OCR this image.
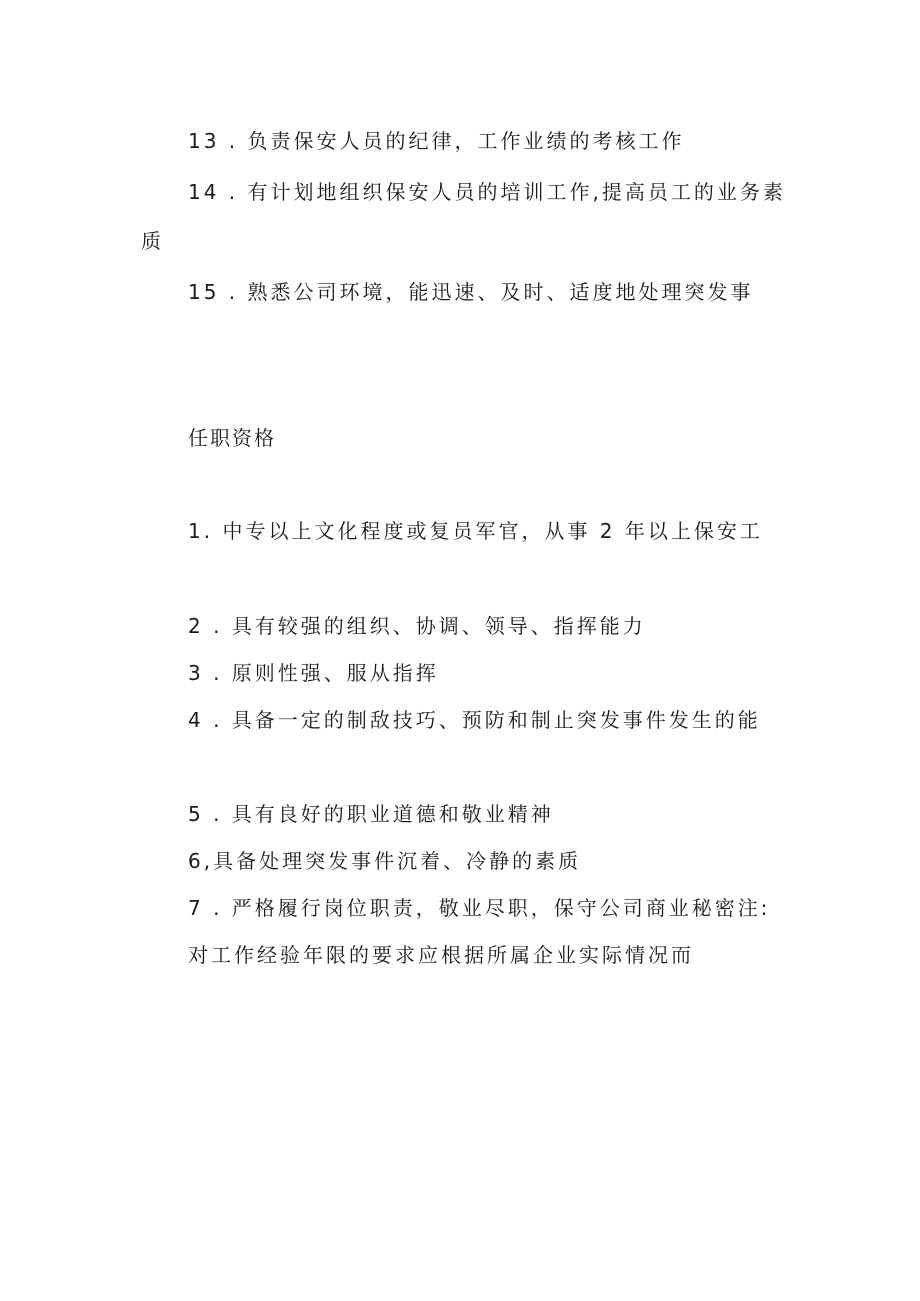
13 . 负责保安人员的纪律，工作业绩的考核工作
14 . 有计划地组织保安人员的培训工作,提高员工的业务素
质
15 . 熟悉公司环境，能迅速、及时、适度地处理突发事
任职资格
1. 中专以上文化程度或复员军官，从事 2 年以上保安工
2 . 具有较强的组织、协调、领导、指挥能力
3 . 原则性强、服从指挥
4 . 具备一定的制敌技巧、预防和制止突发事件发生的能
5 . 具有良好的职业道德和敬业精神
6,具备处理突发事件沉着、冷静的素质
7 . 严格履行岗位职责，敬业尽职，保守公司商业秘密注:
对工作经验年限的要求应根据所属企业实际情况而
